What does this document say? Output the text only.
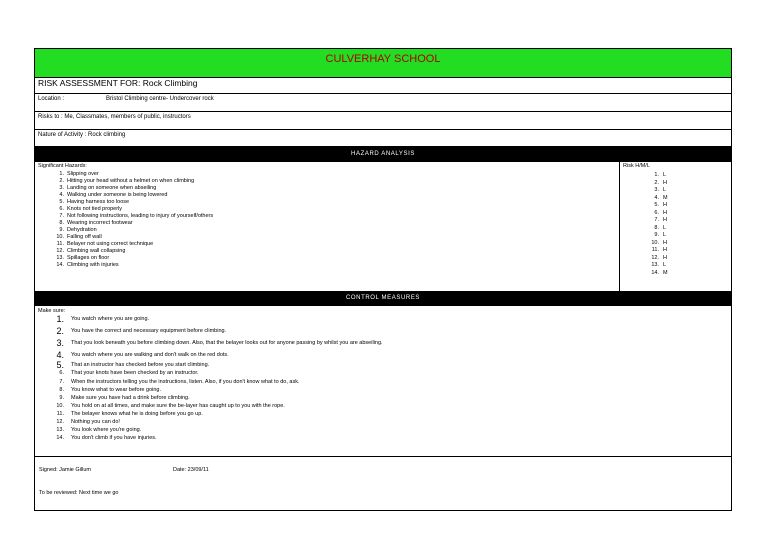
CULVERHAY SCHOOL
RISK ASSESSMENT FOR: Rock Climbing
Location :	Bristol Climbing centre- Undercover rock
Risks to : Me, Classmates, members of public, instructors
Nature of Activity : Rock climbing
HAZARD ANALYSIS
Significant Hazards:
1. Slipping over
2. Hitting your head without a helmet on when climbing
3. Landing on someone when abseiling
4. Walking under someone is being lowered
5. Having harness too loose
6. Knots not tied properly
7. Not following instructions, leading to injury of yourself/others
8. Wearing incorrect footwear
9. Dehydration
10. Falling off wall
11. Belayer not using correct technique
12. Climbing wall collapsing
13. Spillages on floor
14. Climbing with injuries
Risk H/M/L
1. L
2. H
3. L
4. M
5. H
6. H
7. H
8. L
9. L
10. H
11. H
12. H
13. L
14. M
CONTROL MEASURES
Make sure:
1. You watch where you are going.
2. You have the correct and necessary equipment before climbing.
3. That you look beneath you before climbing down. Also, that the belayer looks out for anyone passing by whilst you are abseiling.
4. You watch where you are walking and don't walk on the red dots.
5. That an instructor has checked before you start climbing.
6. That your knots have been checked by an instructor.
7. When the instructors telling you the instructions, listen. Also, if you don't know what to do, ask.
8. You know what to wear before going.
9. Make sure you have had a drink before climbing.
10. You hold on at all times, and make sure the be-layer has caught up to you with the rope.
11. The belayer knows what he is doing before you go up.
12. Nothing you can do!
13. You look where you're going.
14. You don't climb if you have injuries.
Signed: Jamie Gillum	Date: 23/09/11
To be reviewed: Next time we go
